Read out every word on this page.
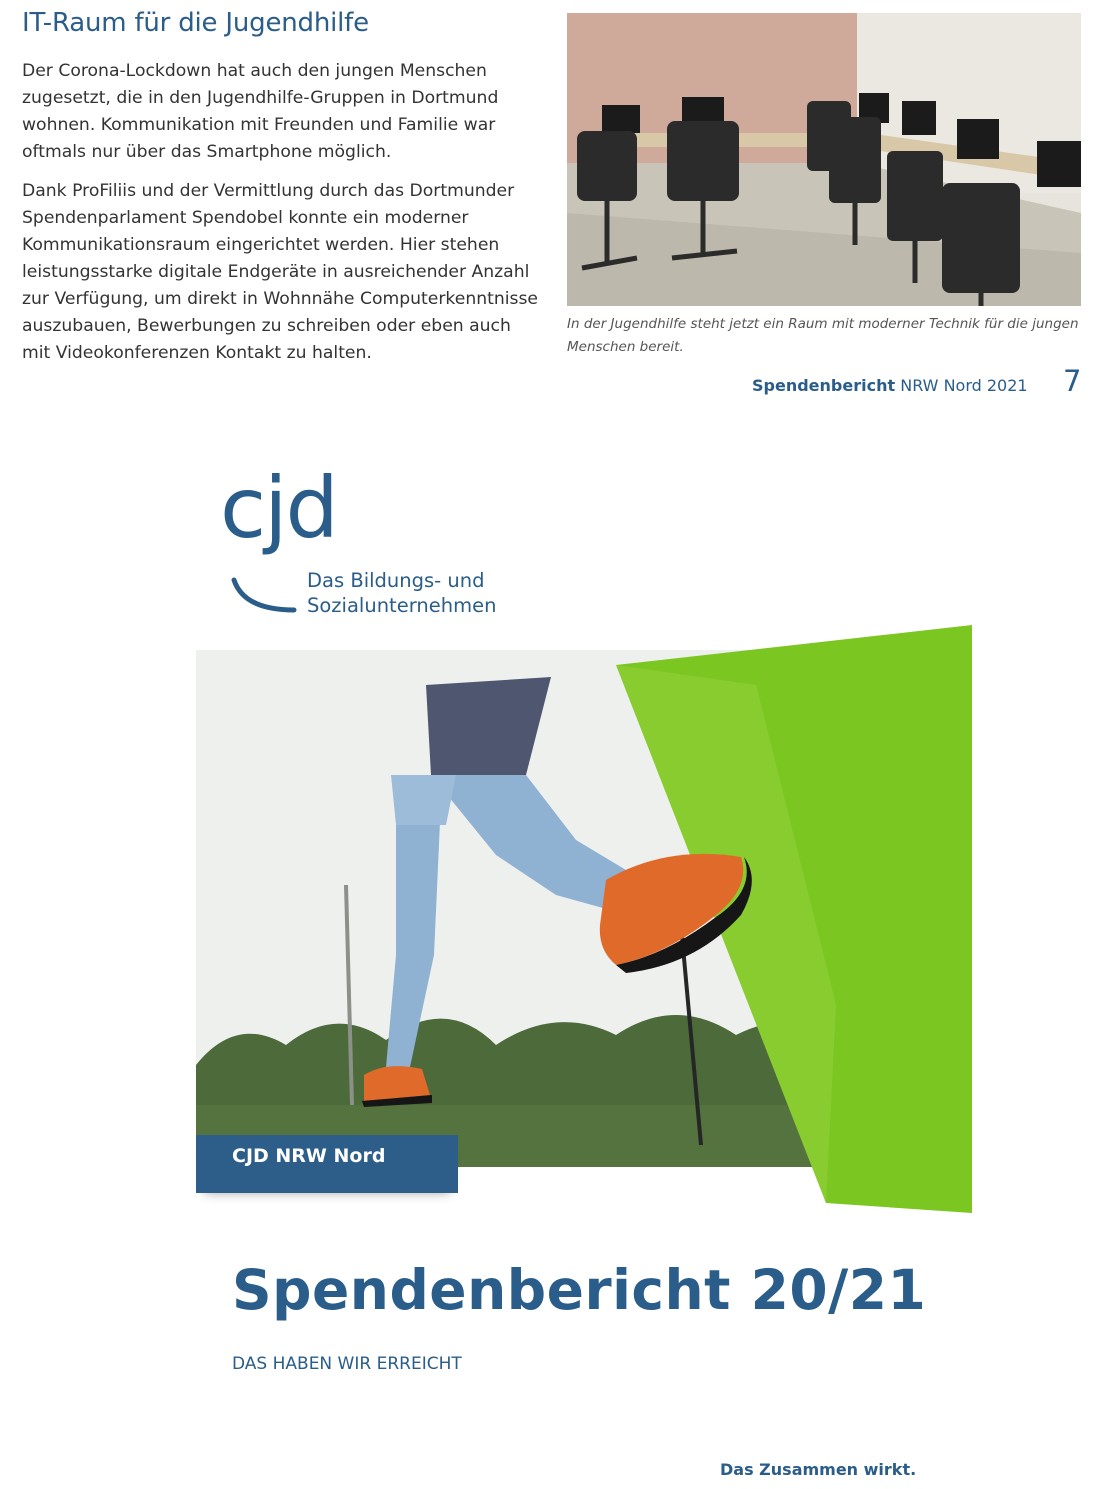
IT-Raum für die Jugendhilfe

Der Corona-Lockdown hat auch den jungen Menschen zugesetzt, die in den Jugendhilfe-Gruppen in Dortmund wohnen. Kommunikation mit Freunden und Familie war oftmals nur über das Smartphone möglich.

Dank ProFiliis und der Vermittlung durch das Dortmunder Spendenparlament Spendobel konnte ein moderner Kommunikationsraum eingerichtet werden. Hier stehen leistungsstarke digitale Endgeräte in ausreichender Anzahl zur Verfügung, um direkt in Wohnnähe Computerkenntnisse auszubauen, Bewerbungen zu schreiben oder eben auch mit Videokonferenzen Kontakt zu halten.

In der Jugendhilfe steht jetzt ein Raum mit moderner Technik für die jungen Menschen bereit.
Spendenbericht NRW Nord 2021 7
cjd
Das Bildungs- und
Sozialunternehmen
CJD NRW Nord
Spendenbericht 20/21
DAS HABEN WIR ERREICHT
Das Zusammen wirkt.
